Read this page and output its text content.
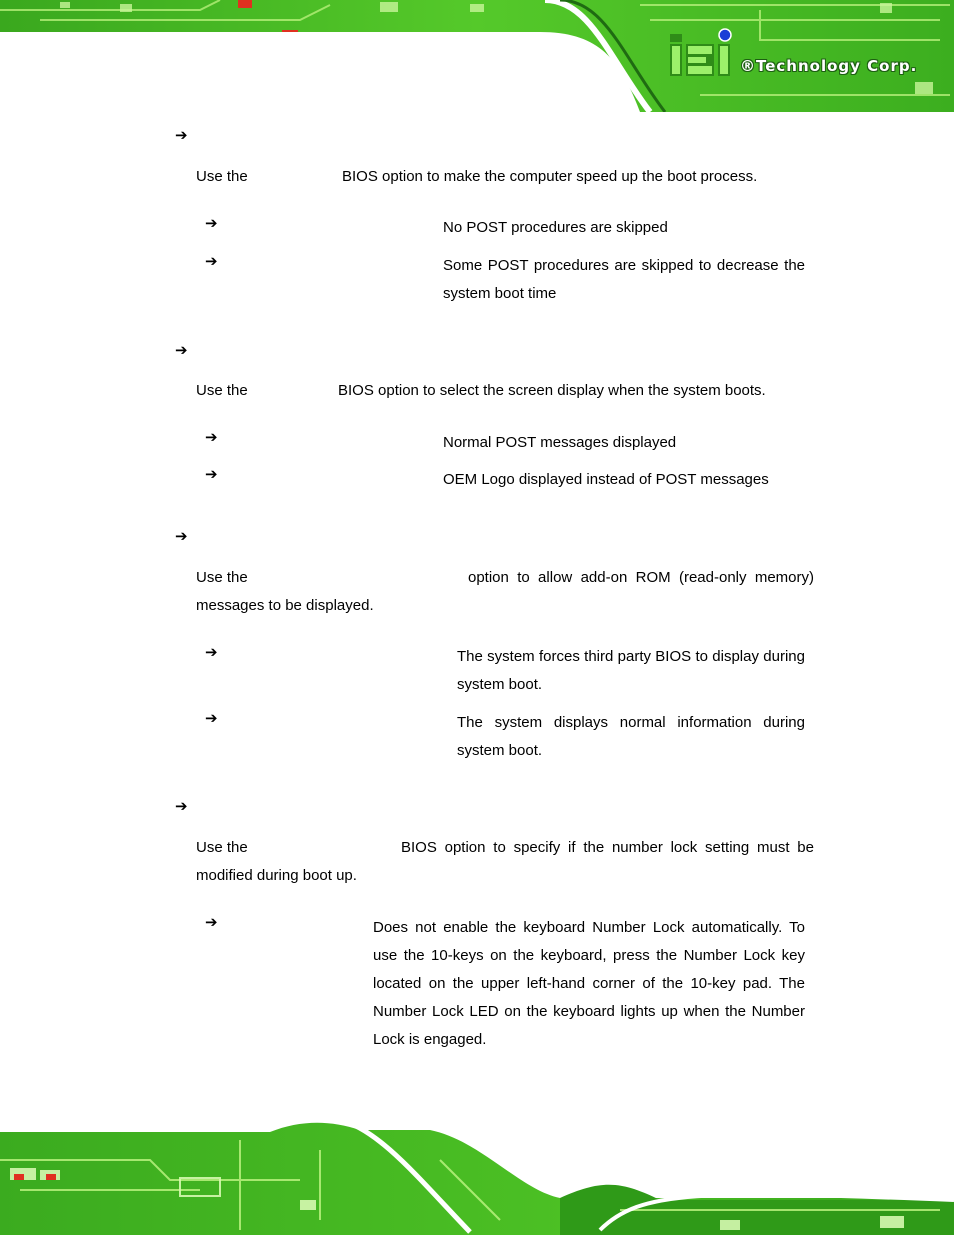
®Technology Corp.
➔
Use the	BIOS option to make the computer speed up the boot process.
➔	No POST procedures are skipped
➔	Some POST procedures are skipped to decrease the system boot time
➔
Use the	BIOS option to select the screen display when the system boots.
➔	Normal POST messages displayed
➔	OEM Logo displayed instead of POST messages
➔
Use the	option to allow add-on ROM (read-only memory)
messages to be displayed.
➔	The system forces third party BIOS to display during system boot.
➔	The system displays normal information during system boot.
➔
Use the	BIOS option to specify if the number lock setting must be
modified during boot up.
➔	Does not enable the keyboard Number Lock automatically. To use the 10-keys on the keyboard, press the Number Lock key located on the upper left-hand corner of the 10-key pad. The Number Lock LED on the keyboard lights up when the Number Lock is engaged.
